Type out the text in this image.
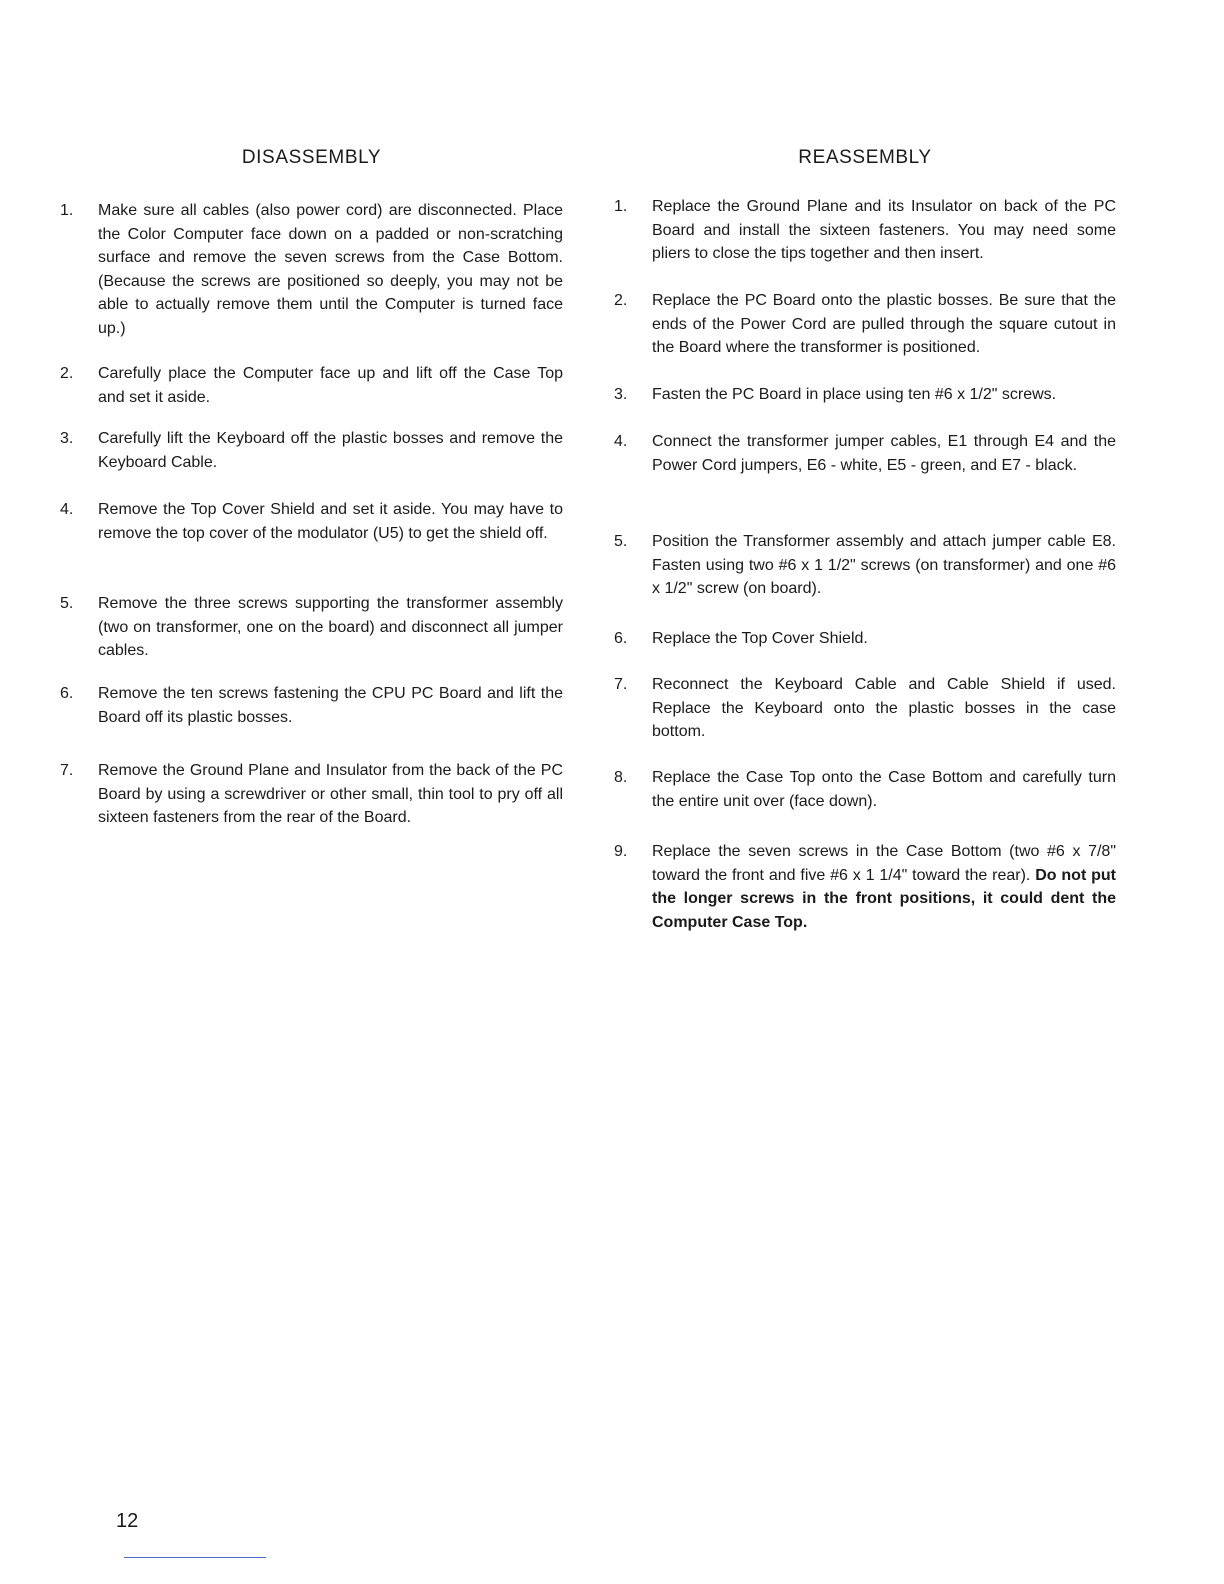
DISASSEMBLY
1.	Make sure all cables (also power cord) are disconnected. Place the Color Computer face down on a padded or non-scratching surface and remove the seven screws from the Case Bottom. (Because the screws are positioned so deeply, you may not be able to actually remove them until the Computer is turned face up.)
2.	Carefully place the Computer face up and lift off the Case Top and set it aside.
3.	Carefully lift the Keyboard off the plastic bosses and remove the Keyboard Cable.
4.	Remove the Top Cover Shield and set it aside. You may have to remove the top cover of the modulator (U5) to get the shield off.
5.	Remove the three screws supporting the transformer assembly (two on transformer, one on the board) and disconnect all jumper cables.
6.	Remove the ten screws fastening the CPU PC Board and lift the Board off its plastic bosses.
7.	Remove the Ground Plane and Insulator from the back of the PC Board by using a screwdriver or other small, thin tool to pry off all sixteen fasteners from the rear of the Board.
REASSEMBLY
1.	Replace the Ground Plane and its Insulator on back of the PC Board and install the sixteen fasteners. You may need some pliers to close the tips together and then insert.
2.	Replace the PC Board onto the plastic bosses. Be sure that the ends of the Power Cord are pulled through the square cutout in the Board where the transformer is positioned.
3.	Fasten the PC Board in place using ten #6 x 1/2" screws.
4.	Connect the transformer jumper cables, E1 through E4 and the Power Cord jumpers, E6 - white, E5 - green, and E7 - black.
5.	Position the Transformer assembly and attach jumper cable E8. Fasten using two #6 x 1 1/2" screws (on transformer) and one #6 x 1/2" screw (on board).
6.	Replace the Top Cover Shield.
7.	Reconnect the Keyboard Cable and Cable Shield if used. Replace the Keyboard onto the plastic bosses in the case bottom.
8.	Replace the Case Top onto the Case Bottom and carefully turn the entire unit over (face down).
9.	Replace the seven screws in the Case Bottom (two #6 x 7/8" toward the front and five #6 x 1 1/4" toward the rear). Do not put the longer screws in the front positions, it could dent the Computer Case Top.
12
